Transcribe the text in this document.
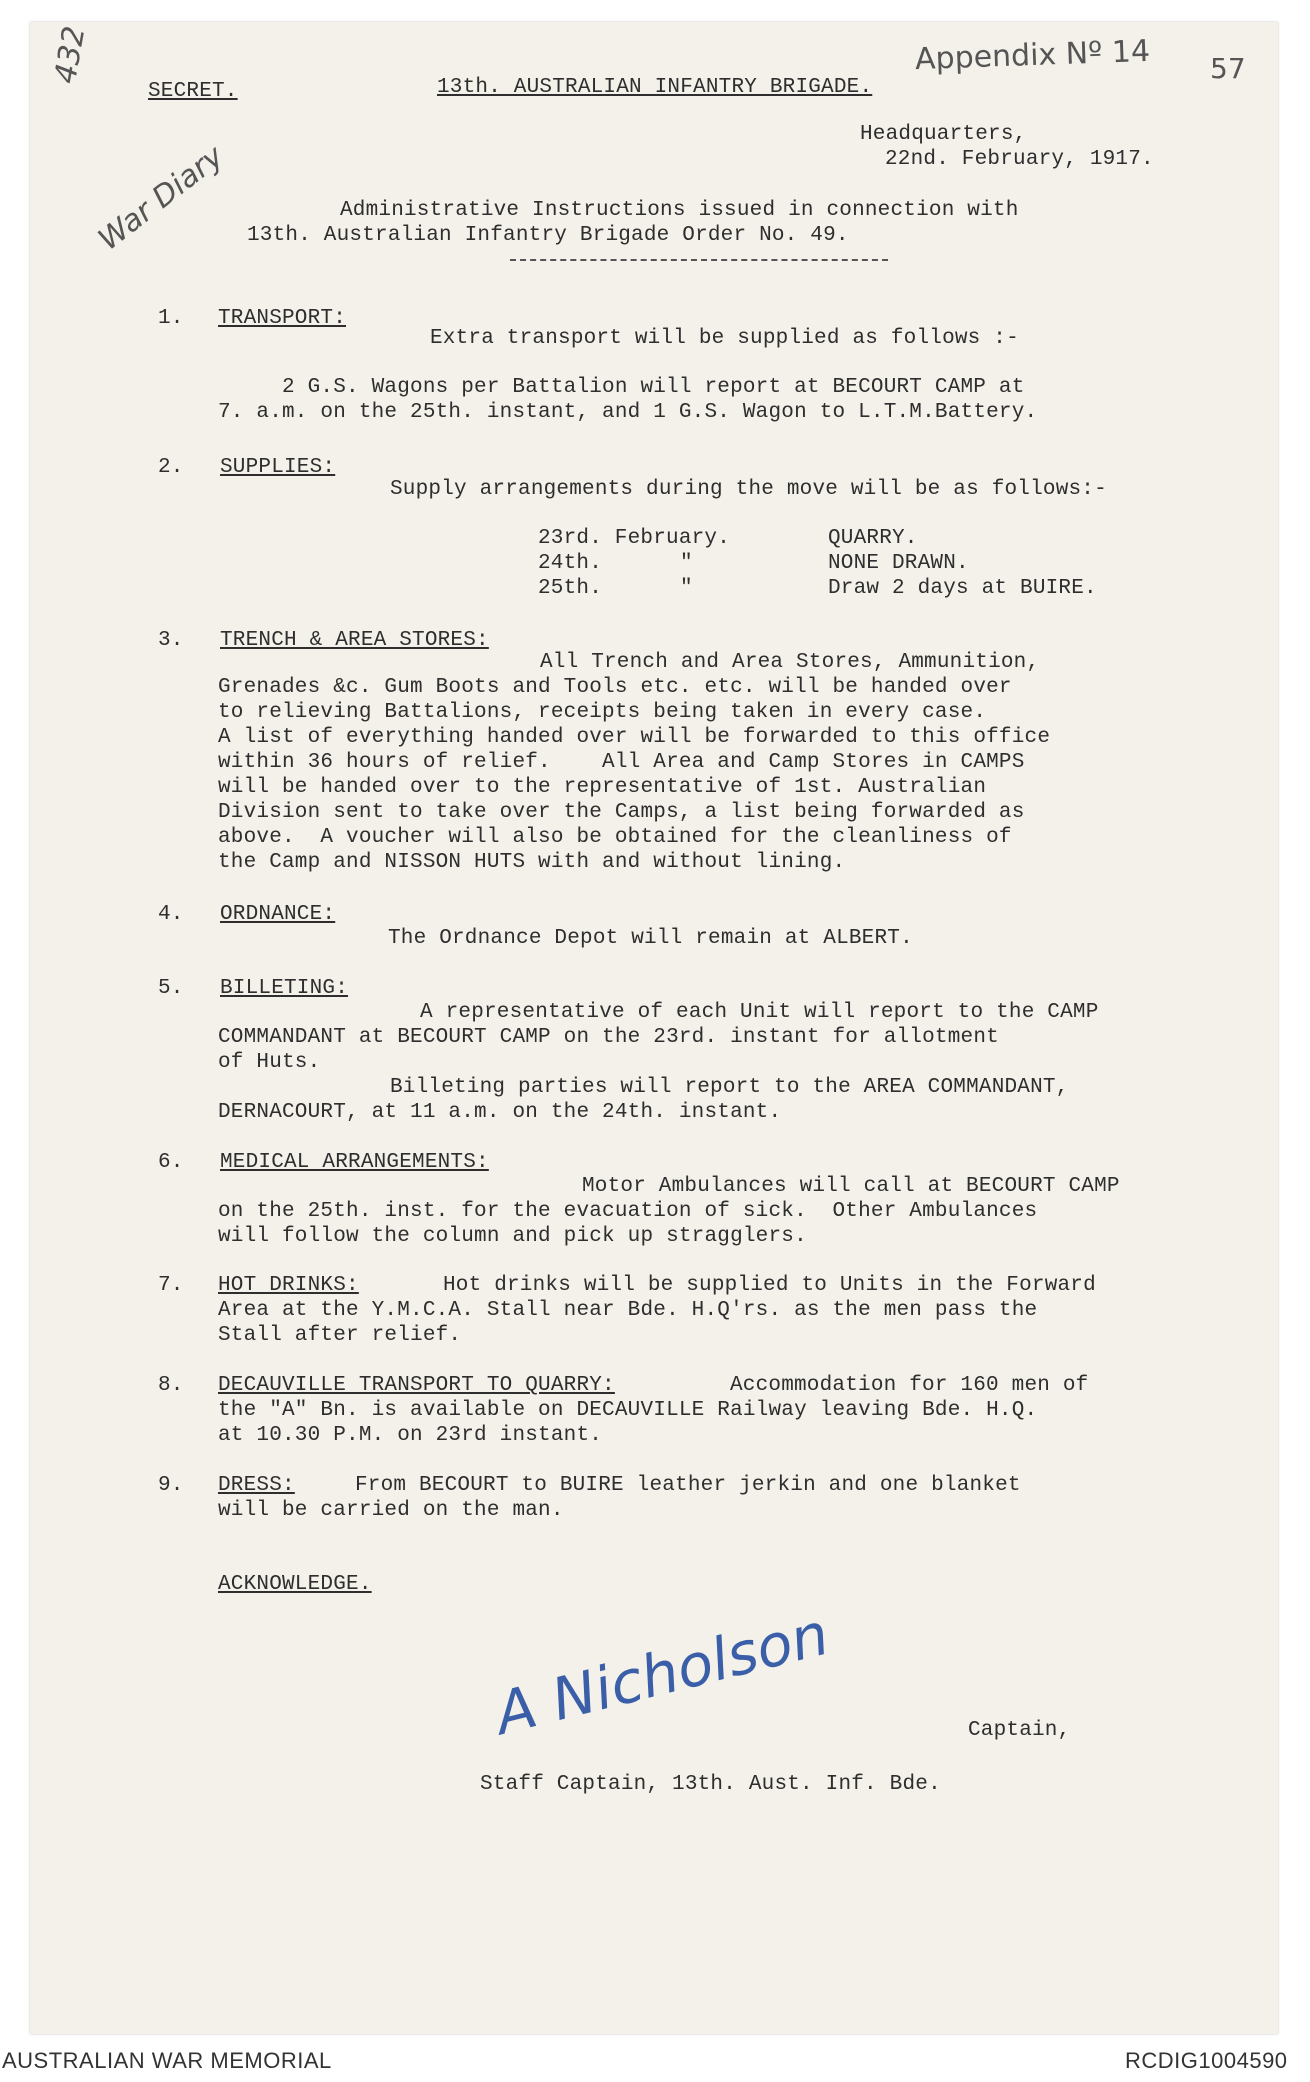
Appendix Nº 14 57
432
War Diary
SECRET.	13th. AUSTRALIAN INFANTRY BRIGADE.
Headquarters,
22nd. February, 1917.
Administrative Instructions issued in connection with
13th. Australian Infantry Brigade Order No. 49.
1. TRANSPORT:
Extra transport will be supplied as follows :-
2 G.S. Wagons per Battalion will report at BECOURT CAMP at
7. a.m. on the 25th. instant, and 1 G.S. Wagon to L.T.M.Battery.
2. SUPPLIES:
Supply arrangements during the move will be as follows:-
23rd. February.	QUARRY.
24th.	"	NONE DRAWN.
25th.	"	Draw 2 days at BUIRE.
3. TRENCH & AREA STORES:
All Trench and Area Stores, Ammunition,
Grenades &c. Gum Boots and Tools etc. etc. will be handed over
to relieving Battalions, receipts being taken in every case.
A list of everything handed over will be forwarded to this office
within 36 hours of relief.    All Area and Camp Stores in CAMPS
will be handed over to the representative of 1st. Australian
Division sent to take over the Camps, a list being forwarded as
above.  A voucher will also be obtained for the cleanliness of
the Camp and NISSON HUTS with and without lining.
4. ORDNANCE:
The Ordnance Depot will remain at ALBERT.
5. BILLETING:
A representative of each Unit will report to the CAMP
COMMANDANT at BECOURT CAMP on the 23rd. instant for allotment
of Huts.
Billeting parties will report to the AREA COMMANDANT,
DERNACOURT, at 11 a.m. on the 24th. instant.
6. MEDICAL ARRANGEMENTS:
Motor Ambulances will call at BECOURT CAMP
on the 25th. inst. for the evacuation of sick.  Other Ambulances
will follow the column and pick up stragglers.
7. HOT DRINKS:	Hot drinks will be supplied to Units in the Forward
Area at the Y.M.C.A. Stall near Bde. H.Q'rs. as the men pass the
Stall after relief.
8. DECAUVILLE TRANSPORT TO QUARRY:	Accommodation for 160 men of
the "A" Bn. is available on DECAUVILLE Railway leaving Bde. H.Q.
at 10.30 P.M. on 23rd instant.
9. DRESS:	From BECOURT to BUIRE leather jerkin and one blanket
will be carried on the man.
ACKNOWLEDGE.
A Nicholson	Captain,
Staff Captain, 13th. Aust. Inf. Bde.
AUSTRALIAN WAR MEMORIAL	RCDIG1004590
